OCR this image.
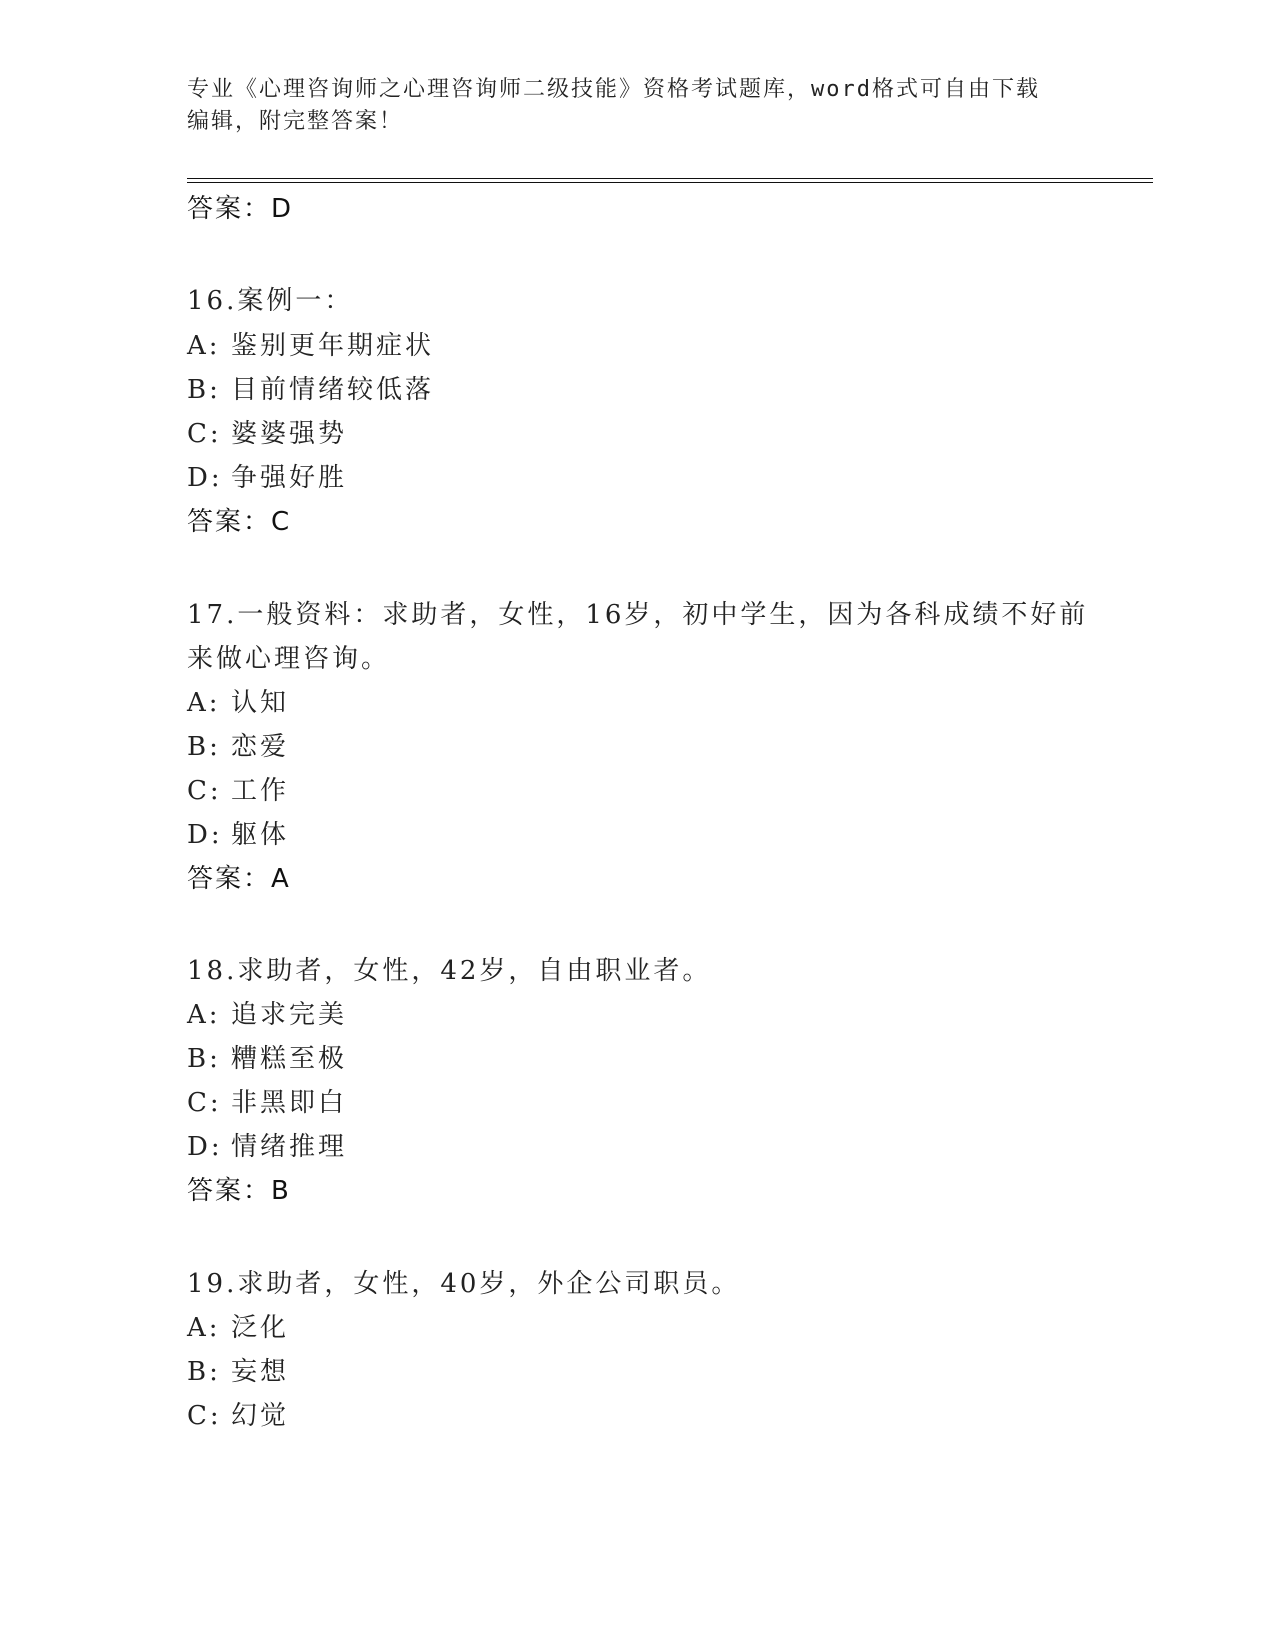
专业《心理咨询师之心理咨询师二级技能》资格考试题库，word格式可自由下载
编辑，附完整答案！
答案：D
16.案例一：
A: 鉴别更年期症状
B: 目前情绪较低落
C: 婆婆强势
D: 争强好胜
答案：C
17.一般资料：求助者，女性，16岁，初中学生，因为各科成绩不好前
来做心理咨询。
A: 认知
B: 恋爱
C: 工作
D: 躯体
答案：A
18.求助者，女性，42岁，自由职业者。
A: 追求完美
B: 糟糕至极
C: 非黑即白
D: 情绪推理
答案：B
19.求助者，女性，40岁，外企公司职员。
A: 泛化
B: 妄想
C: 幻觉
